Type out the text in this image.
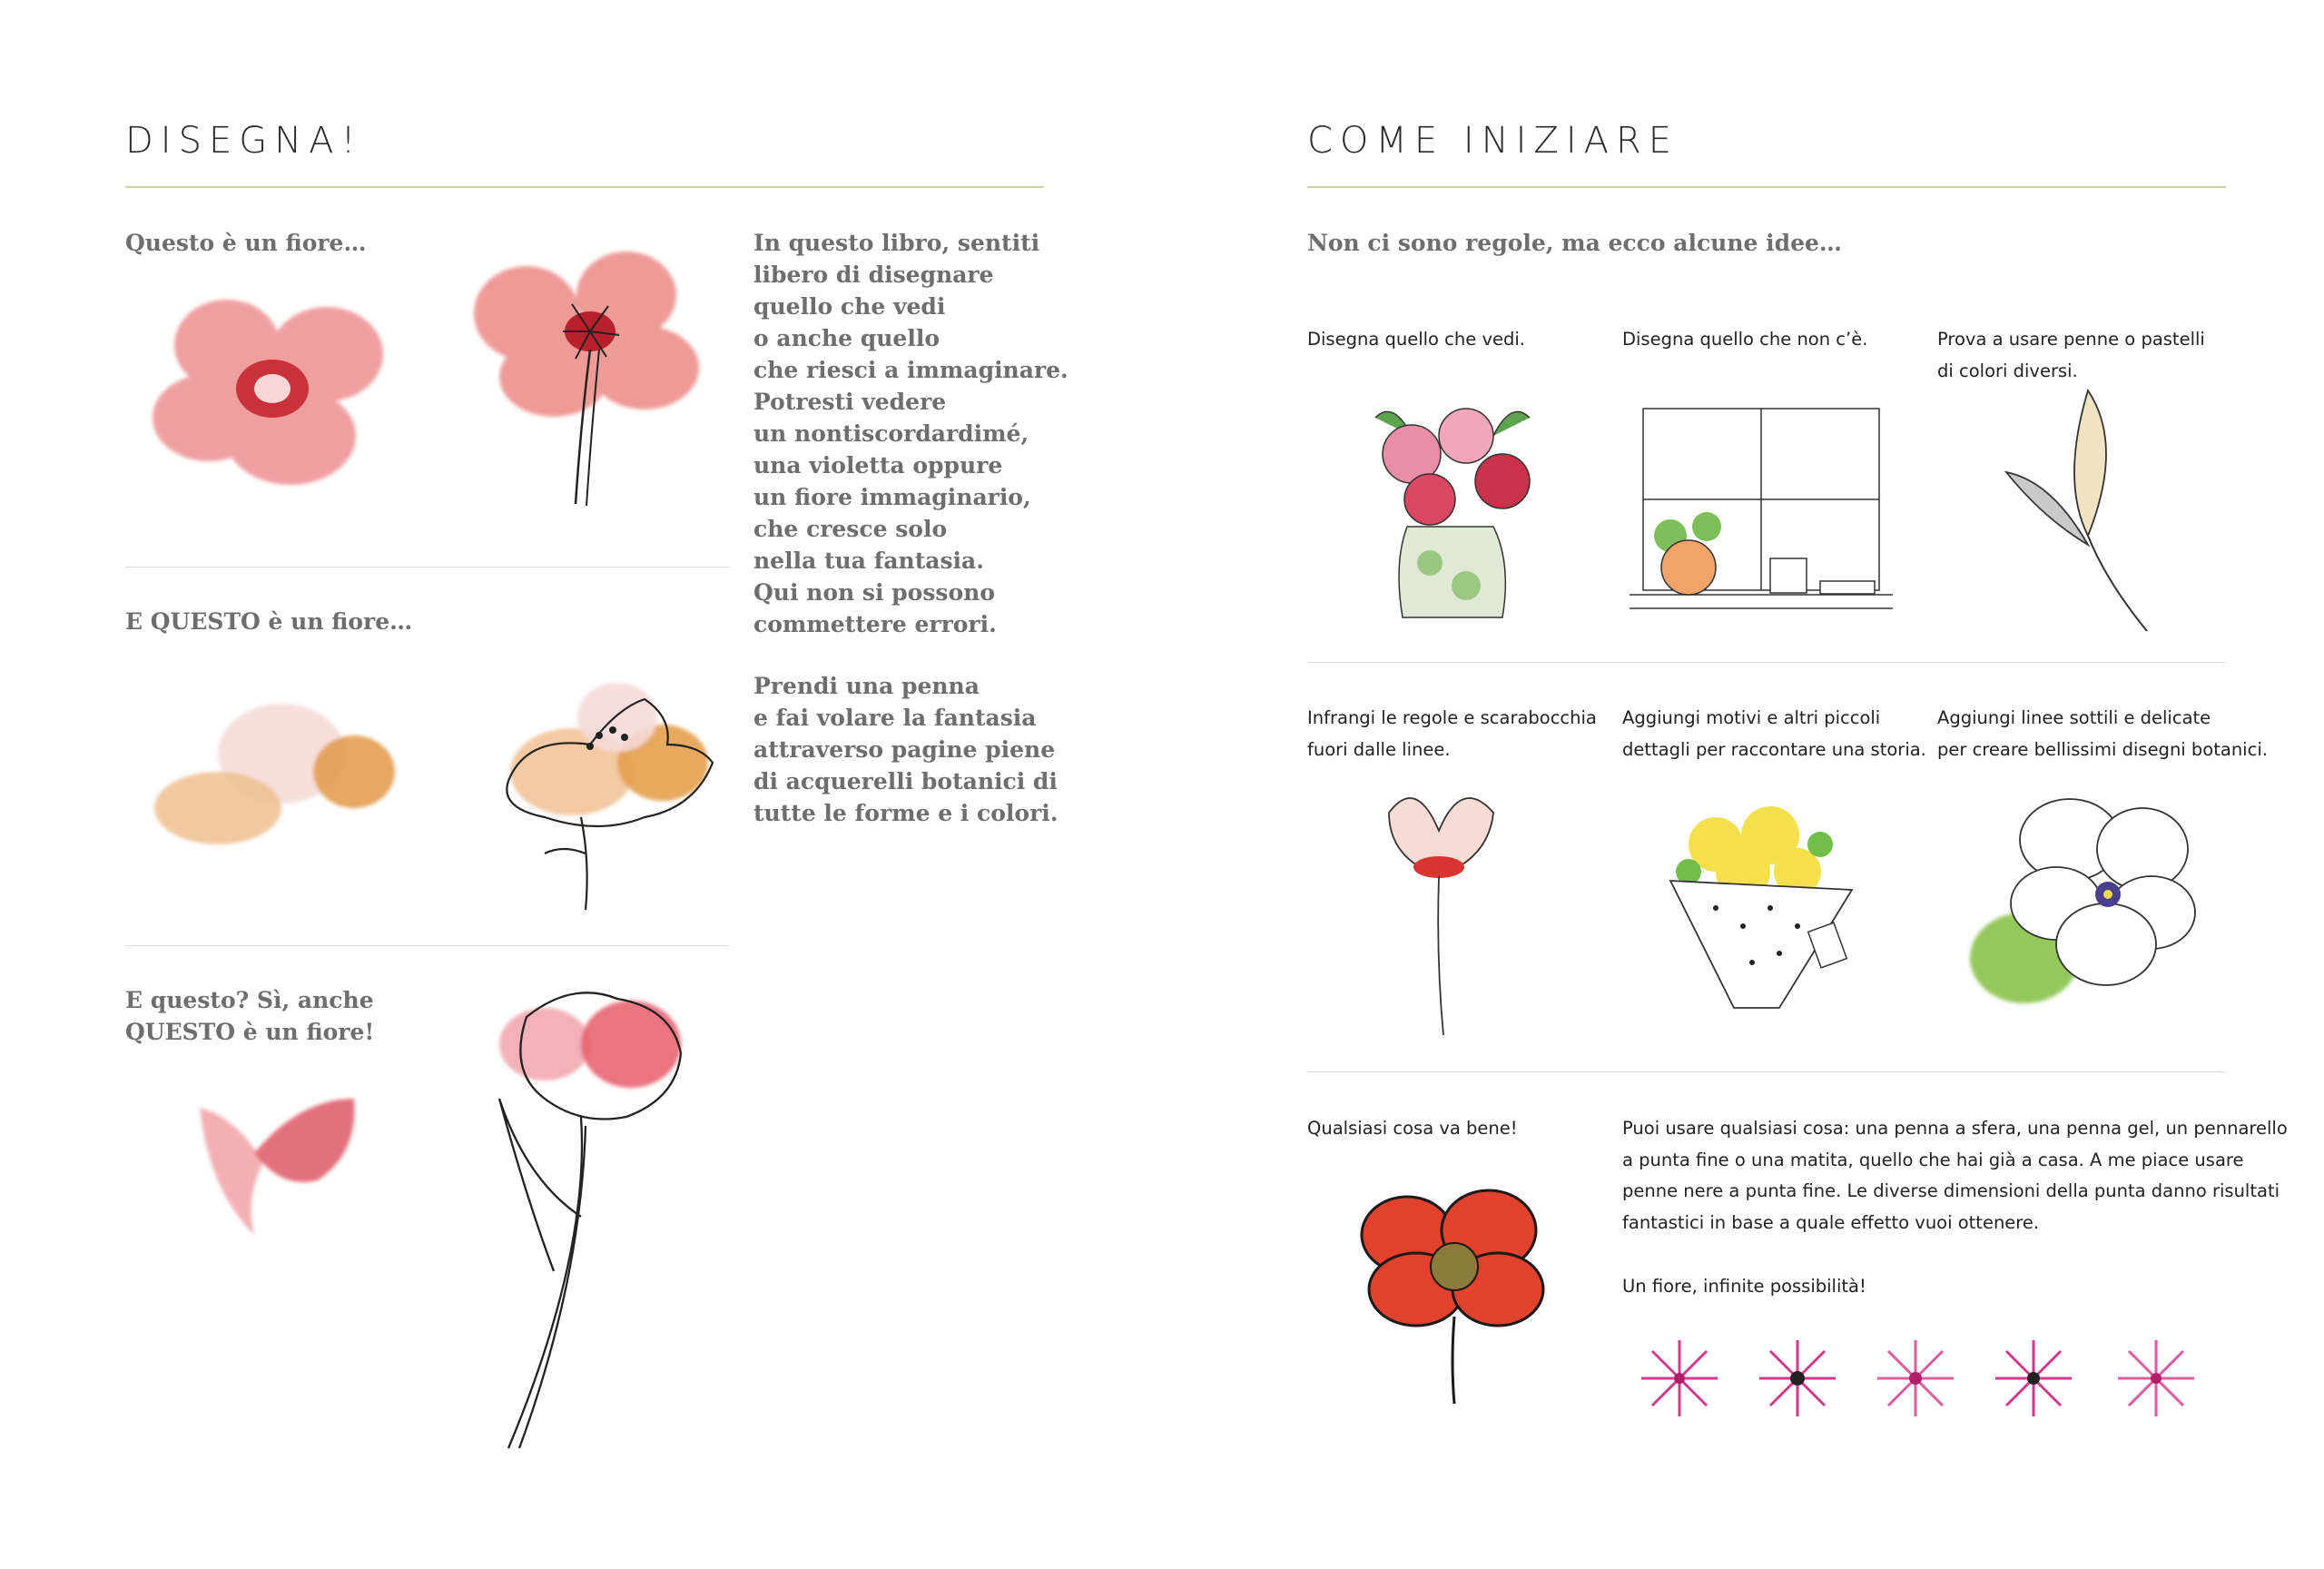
DISEGNA!
Questo è un fiore…
E QUESTO è un fiore…
E questo? Sì, anche
QUESTO è un fiore!
In questo libro, sentiti
libero di disegnare
quello che vedi
o anche quello
che riesci a immaginare.
Potresti vedere
un nontiscordardimé,
una violetta oppure
un fiore immaginario,
che cresce solo
nella tua fantasia.
Qui non si possono
commettere errori.
Prendi una penna
e fai volare la fantasia
attraverso pagine piene
di acquerelli botanici di
tutte le forme e i colori.
COME INIZIARE
Non ci sono regole, ma ecco alcune idee…
Disegna quello che vedi.	Disegna quello che non c’è.	Prova a usare penne o pastelli
di colori diversi.
Infrangi le regole e scarabocchia
fuori dalle linee.
Aggiungi motivi e altri piccoli
dettagli per raccontare una storia.
Aggiungi linee sottili e delicate
per creare bellissimi disegni botanici.
Qualsiasi cosa va bene!	Puoi usare qualsiasi cosa: una penna a sfera, una penna gel, un pennarello
a punta fine o una matita, quello che hai già a casa. A me piace usare
penne nere a punta fine. Le diverse dimensioni della punta danno risultati
fantastici in base a quale effetto vuoi ottenere.
Un fiore, infinite possibilità!
